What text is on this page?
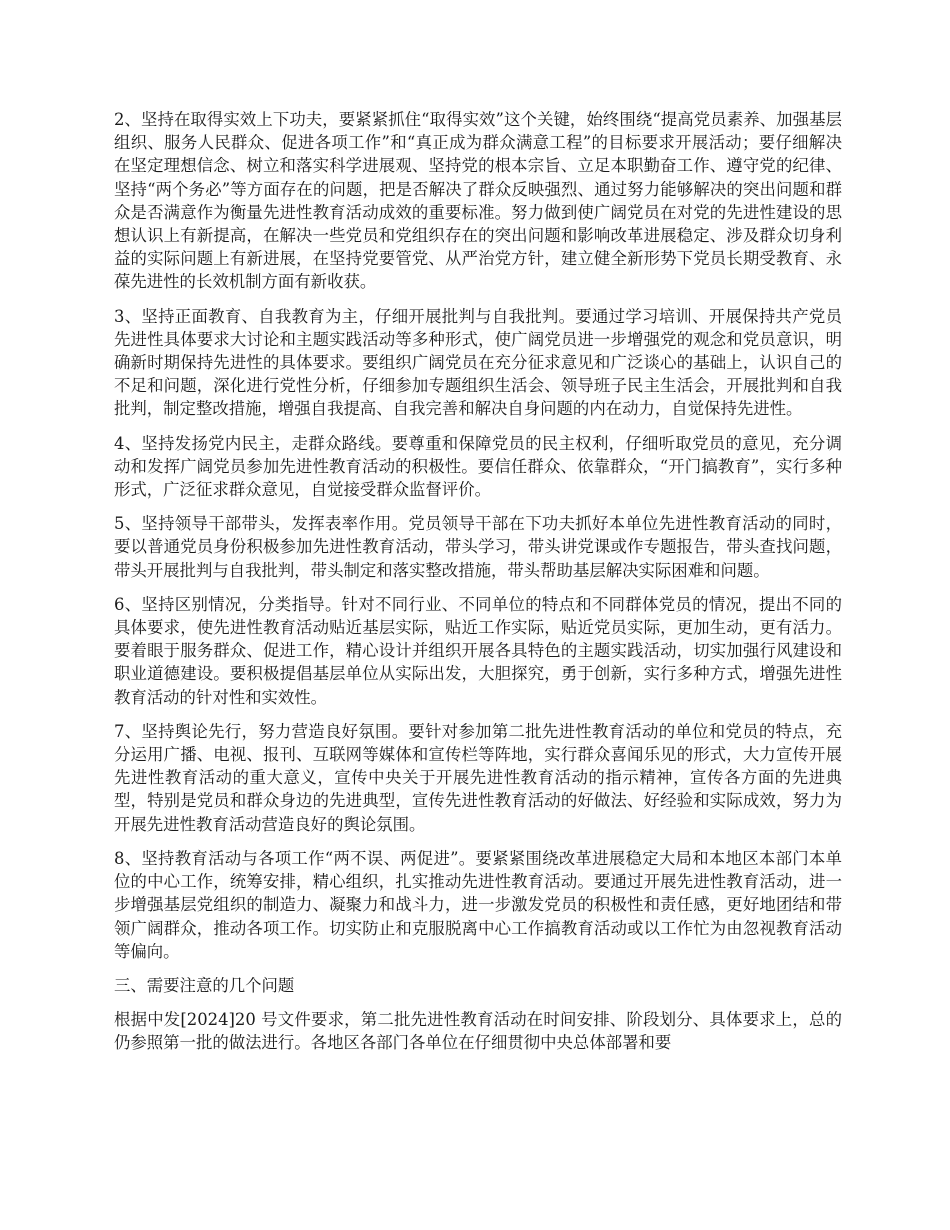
2、坚持在取得实效上下功夫，要紧紧抓住“取得实效”这个关键，始终围绕“提高党员素养、加强基层组织、服务人民群众、促进各项工作”和“真正成为群众满意工程”的目标要求开展活动；要仔细解决在坚定理想信念、树立和落实科学进展观、坚持党的根本宗旨、立足本职勤奋工作、遵守党的纪律、坚持“两个务必”等方面存在的问题，把是否解决了群众反映强烈、通过努力能够解决的突出问题和群众是否满意作为衡量先进性教育活动成效的重要标准。努力做到使广阔党员在对党的先进性建设的思想认识上有新提高，在解决一些党员和党组织存在的突出问题和影响改革进展稳定、涉及群众切身利益的实际问题上有新进展，在坚持党要管党、从严治党方针，建立健全新形势下党员长期受教育、永葆先进性的长效机制方面有新收获。

3、坚持正面教育、自我教育为主，仔细开展批判与自我批判。要通过学习培训、开展保持共产党员先进性具体要求大讨论和主题实践活动等多种形式，使广阔党员进一步增强党的观念和党员意识，明确新时期保持先进性的具体要求。要组织广阔党员在充分征求意见和广泛谈心的基础上，认识自己的不足和问题，深化进行党性分析，仔细参加专题组织生活会、领导班子民主生活会，开展批判和自我批判，制定整改措施，增强自我提高、自我完善和解决自身问题的内在动力，自觉保持先进性。

4、坚持发扬党内民主，走群众路线。要尊重和保障党员的民主权利，仔细听取党员的意见，充分调动和发挥广阔党员参加先进性教育活动的积极性。要信任群众、依靠群众，“开门搞教育”，实行多种形式，广泛征求群众意见，自觉接受群众监督评价。

5、坚持领导干部带头，发挥表率作用。党员领导干部在下功夫抓好本单位先进性教育活动的同时，要以普通党员身份积极参加先进性教育活动，带头学习，带头讲党课或作专题报告，带头查找问题，带头开展批判与自我批判，带头制定和落实整改措施，带头帮助基层解决实际困难和问题。

6、坚持区别情况，分类指导。针对不同行业、不同单位的特点和不同群体党员的情况，提出不同的具体要求，使先进性教育活动贴近基层实际，贴近工作实际，贴近党员实际，更加生动，更有活力。要着眼于服务群众、促进工作，精心设计并组织开展各具特色的主题实践活动，切实加强行风建设和职业道德建设。要积极提倡基层单位从实际出发，大胆探究，勇于创新，实行多种方式，增强先进性教育活动的针对性和实效性。

7、坚持舆论先行，努力营造良好氛围。要针对参加第二批先进性教育活动的单位和党员的特点，充分运用广播、电视、报刊、互联网等媒体和宣传栏等阵地，实行群众喜闻乐见的形式，大力宣传开展先进性教育活动的重大意义，宣传中央关于开展先进性教育活动的指示精神，宣传各方面的先进典型，特别是党员和群众身边的先进典型，宣传先进性教育活动的好做法、好经验和实际成效，努力为开展先进性教育活动营造良好的舆论氛围。

8、坚持教育活动与各项工作“两不误、两促进”。要紧紧围绕改革进展稳定大局和本地区本部门本单位的中心工作，统筹安排，精心组织，扎实推动先进性教育活动。要通过开展先进性教育活动，进一步增强基层党组织的制造力、凝聚力和战斗力，进一步激发党员的积极性和责任感，更好地团结和带领广阔群众，推动各项工作。切实防止和克服脱离中心工作搞教育活动或以工作忙为由忽视教育活动等偏向。

三、需要注意的几个问题

根据中发[2024]20 号文件要求，第二批先进性教育活动在时间安排、阶段划分、具体要求上，总的仍参照第一批的做法进行。各地区各部门各单位在仔细贯彻中央总体部署和要
